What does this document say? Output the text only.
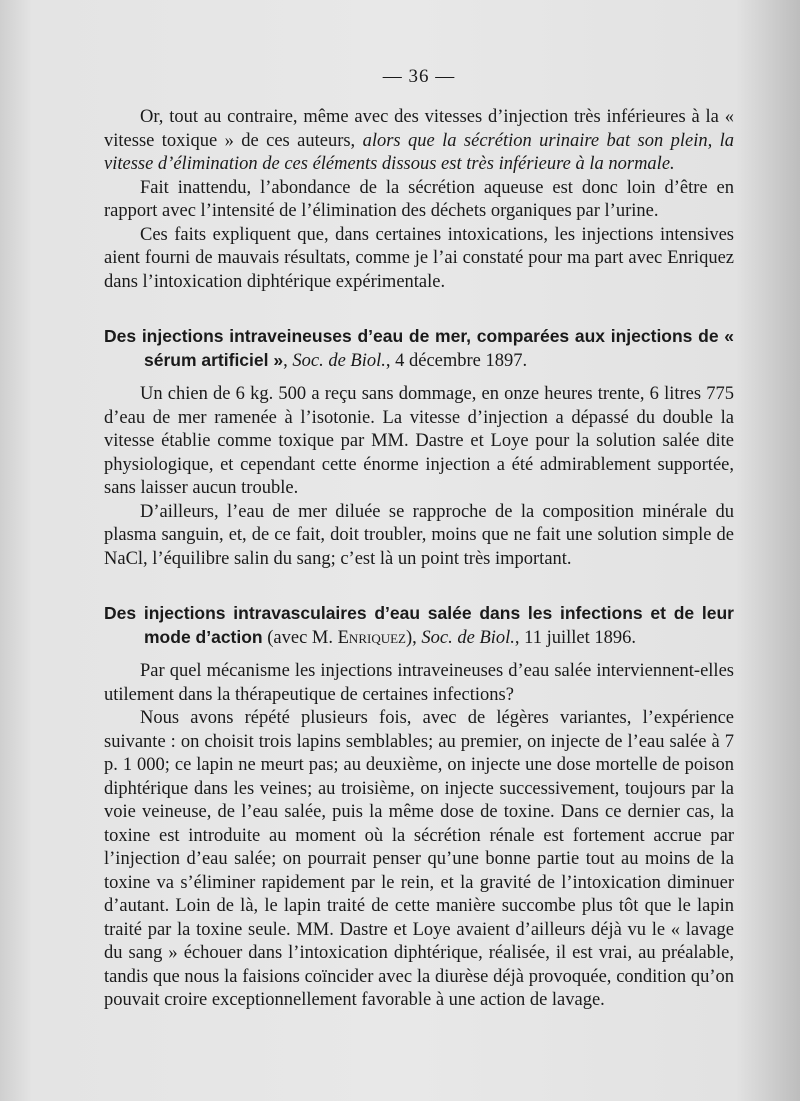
— 36 —

Or, tout au contraire, même avec des vitesses d’injection très inférieures à la « vitesse toxique » de ces auteurs, alors que la sécrétion urinaire bat son plein, la vitesse d’élimination de ces éléments dissous est très inférieure à la normale.

Fait inattendu, l’abondance de la sécrétion aqueuse est donc loin d’être en rapport avec l’intensité de l’élimination des déchets organiques par l’urine.

Ces faits expliquent que, dans certaines intoxications, les injections intensives aient fourni de mauvais résultats, comme je l’ai constaté pour ma part avec Enriquez dans l’intoxication diphtérique expérimentale.

Des injections intraveineuses d’eau de mer, comparées aux injections de « sérum artificiel », Soc. de Biol., 4 décembre 1897.

Un chien de 6 kg. 500 a reçu sans dommage, en onze heures trente, 6 litres 775 d’eau de mer ramenée à l’isotonie. La vitesse d’injection a dépassé du double la vitesse établie comme toxique par MM. Dastre et Loye pour la solution salée dite physiologique, et cependant cette énorme injection a été admirablement supportée, sans laisser aucun trouble.

D’ailleurs, l’eau de mer diluée se rapproche de la composition minérale du plasma sanguin, et, de ce fait, doit troubler, moins que ne fait une solution simple de NaCl, l’équilibre salin du sang; c’est là un point très important.

Des injections intravasculaires d’eau salée dans les infections et de leur mode d’action (avec M. Enriquez), Soc. de Biol., 11 juillet 1896.

Par quel mécanisme les injections intraveineuses d’eau salée interviennent-elles utilement dans la thérapeutique de certaines infections?

Nous avons répété plusieurs fois, avec de légères variantes, l’expérience suivante : on choisit trois lapins semblables; au premier, on injecte de l’eau salée à 7 p. 1 000; ce lapin ne meurt pas; au deuxième, on injecte une dose mortelle de poison diphtérique dans les veines; au troisième, on injecte successivement, toujours par la voie veineuse, de l’eau salée, puis la même dose de toxine. Dans ce dernier cas, la toxine est introduite au moment où la sécrétion rénale est fortement accrue par l’injection d’eau salée; on pourrait penser qu’une bonne partie tout au moins de la toxine va s’éliminer rapidement par le rein, et la gravité de l’intoxication diminuer d’autant. Loin de là, le lapin traité de cette manière succombe plus tôt que le lapin traité par la toxine seule. MM. Dastre et Loye avaient d’ailleurs déjà vu le « lavage du sang » échouer dans l’intoxication diphtérique, réalisée, il est vrai, au préalable, tandis que nous la faisions coïncider avec la diurèse déjà provoquée, condition qu’on pouvait croire exceptionnellement favorable à une action de lavage.
